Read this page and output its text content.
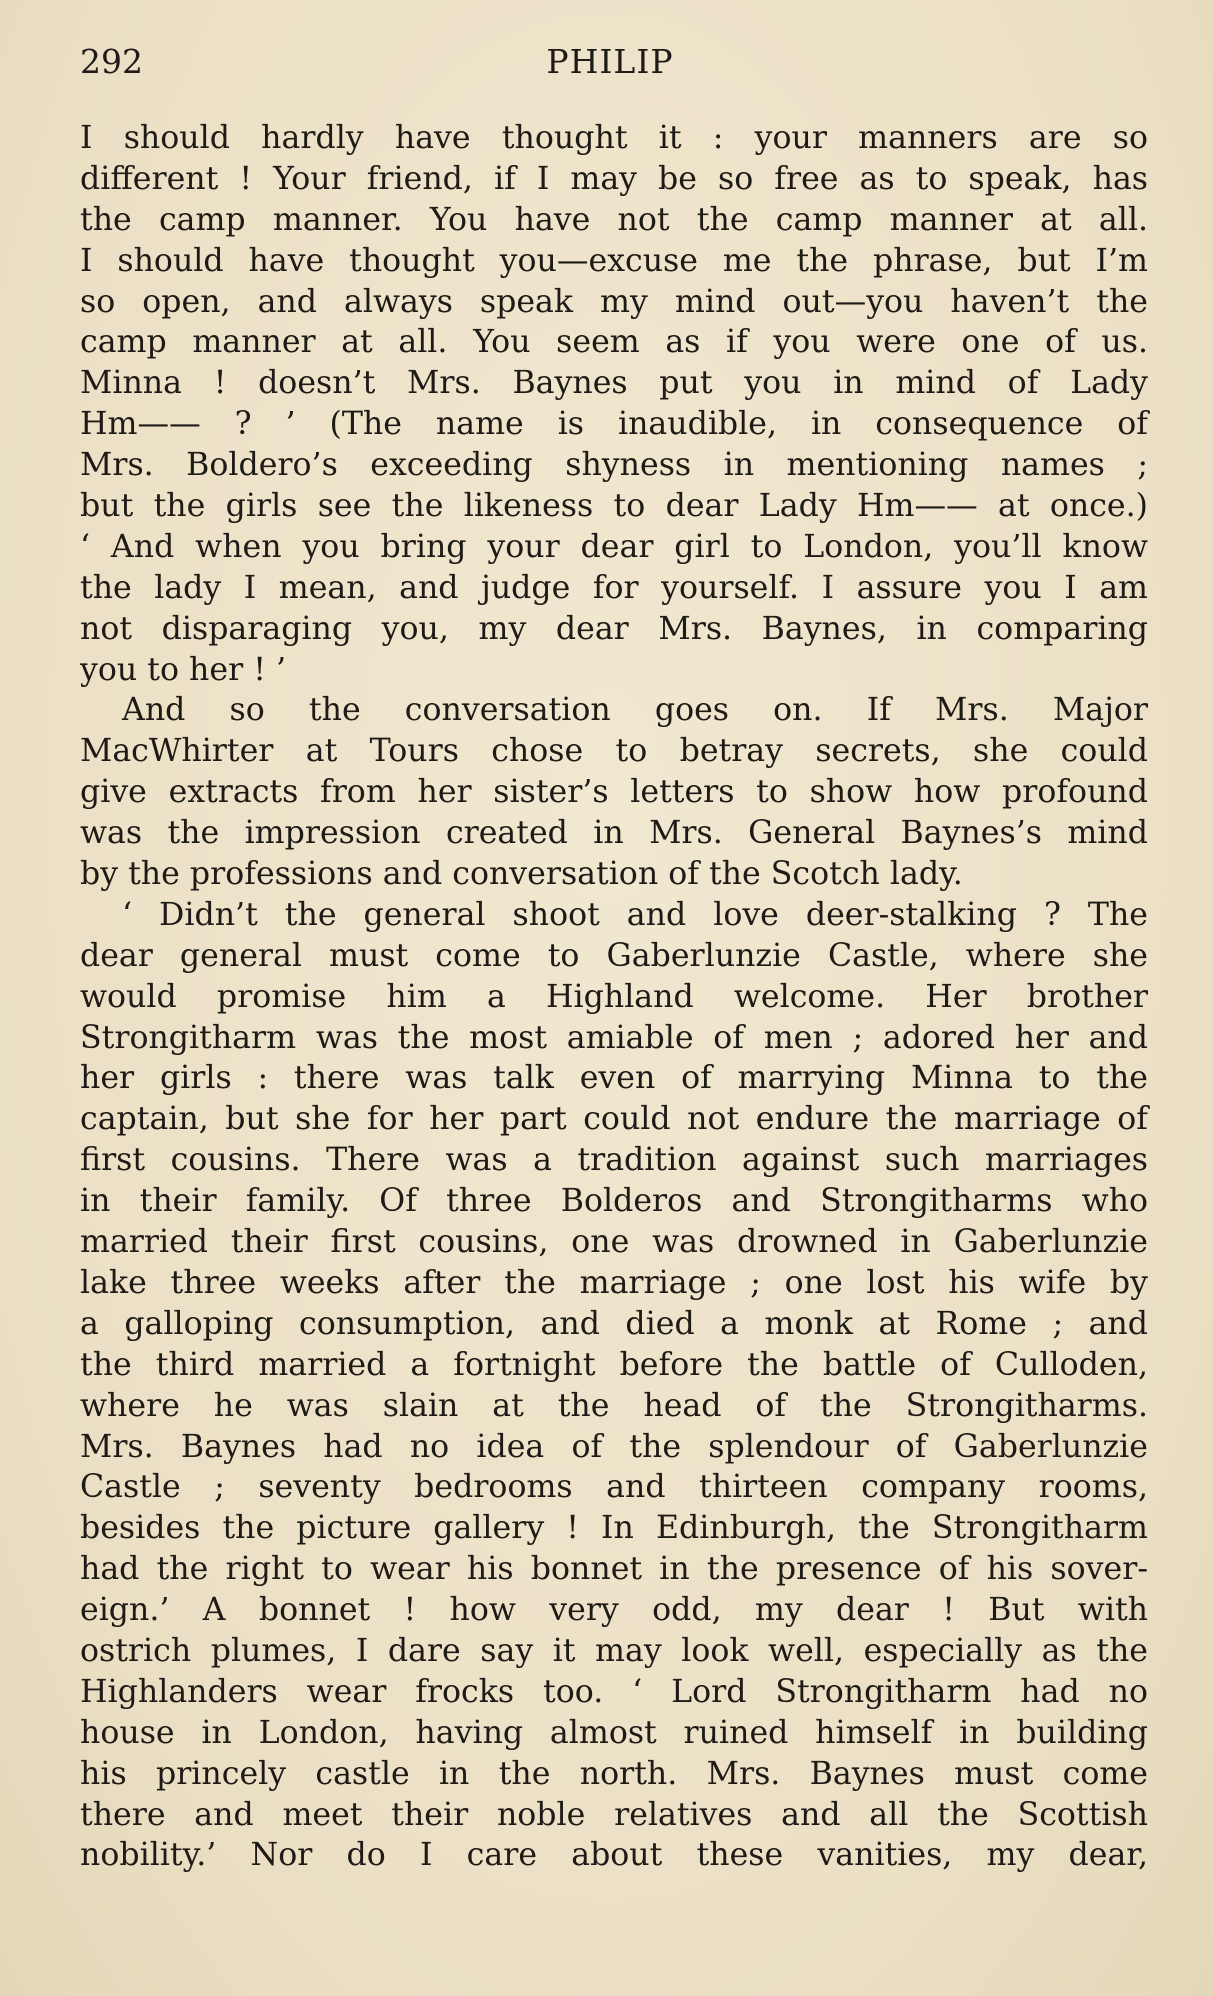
292	PHILIP
I should hardly have thought it : your manners are so
different ! Your friend, if I may be so free as to speak, has
the camp manner. You have not the camp manner at all.
I should have thought you—excuse me the phrase, but I’m
so open, and always speak my mind out—you haven’t the
camp manner at all. You seem as if you were one of us.
Minna ! doesn’t Mrs. Baynes put you in mind of Lady
Hm—— ? ’ (The name is inaudible, in consequence of
Mrs. Boldero’s exceeding shyness in mentioning names ;
but the girls see the likeness to dear Lady Hm—— at once.)
‘ And when you bring your dear girl to London, you’ll know
the lady I mean, and judge for yourself. I assure you I am
not disparaging you, my dear Mrs. Baynes, in comparing
you to her ! ’
And so the conversation goes on. If Mrs. Major
MacWhirter at Tours chose to betray secrets, she could
give extracts from her sister’s letters to show how profound
was the impression created in Mrs. General Baynes’s mind
by the professions and conversation of the Scotch lady.
‘ Didn’t the general shoot and love deer-stalking ? The
dear general must come to Gaberlunzie Castle, where she
would promise him a Highland welcome. Her brother
Strongitharm was the most amiable of men ; adored her and
her girls : there was talk even of marrying Minna to the
captain, but she for her part could not endure the marriage of
first cousins. There was a tradition against such marriages
in their family. Of three Bolderos and Strongitharms who
married their first cousins, one was drowned in Gaberlunzie
lake three weeks after the marriage ; one lost his wife by
a galloping consumption, and died a monk at Rome ; and
the third married a fortnight before the battle of Culloden,
where he was slain at the head of the Strongitharms.
Mrs. Baynes had no idea of the splendour of Gaberlunzie
Castle ; seventy bedrooms and thirteen company rooms,
besides the picture gallery ! In Edinburgh, the Strongitharm
had the right to wear his bonnet in the presence of his sover-
eign.’ A bonnet ! how very odd, my dear ! But with
ostrich plumes, I dare say it may look well, especially as the
Highlanders wear frocks too. ‘ Lord Strongitharm had no
house in London, having almost ruined himself in building
his princely castle in the north. Mrs. Baynes must come
there and meet their noble relatives and all the Scottish
nobility.’ Nor do I care about these vanities, my dear,
